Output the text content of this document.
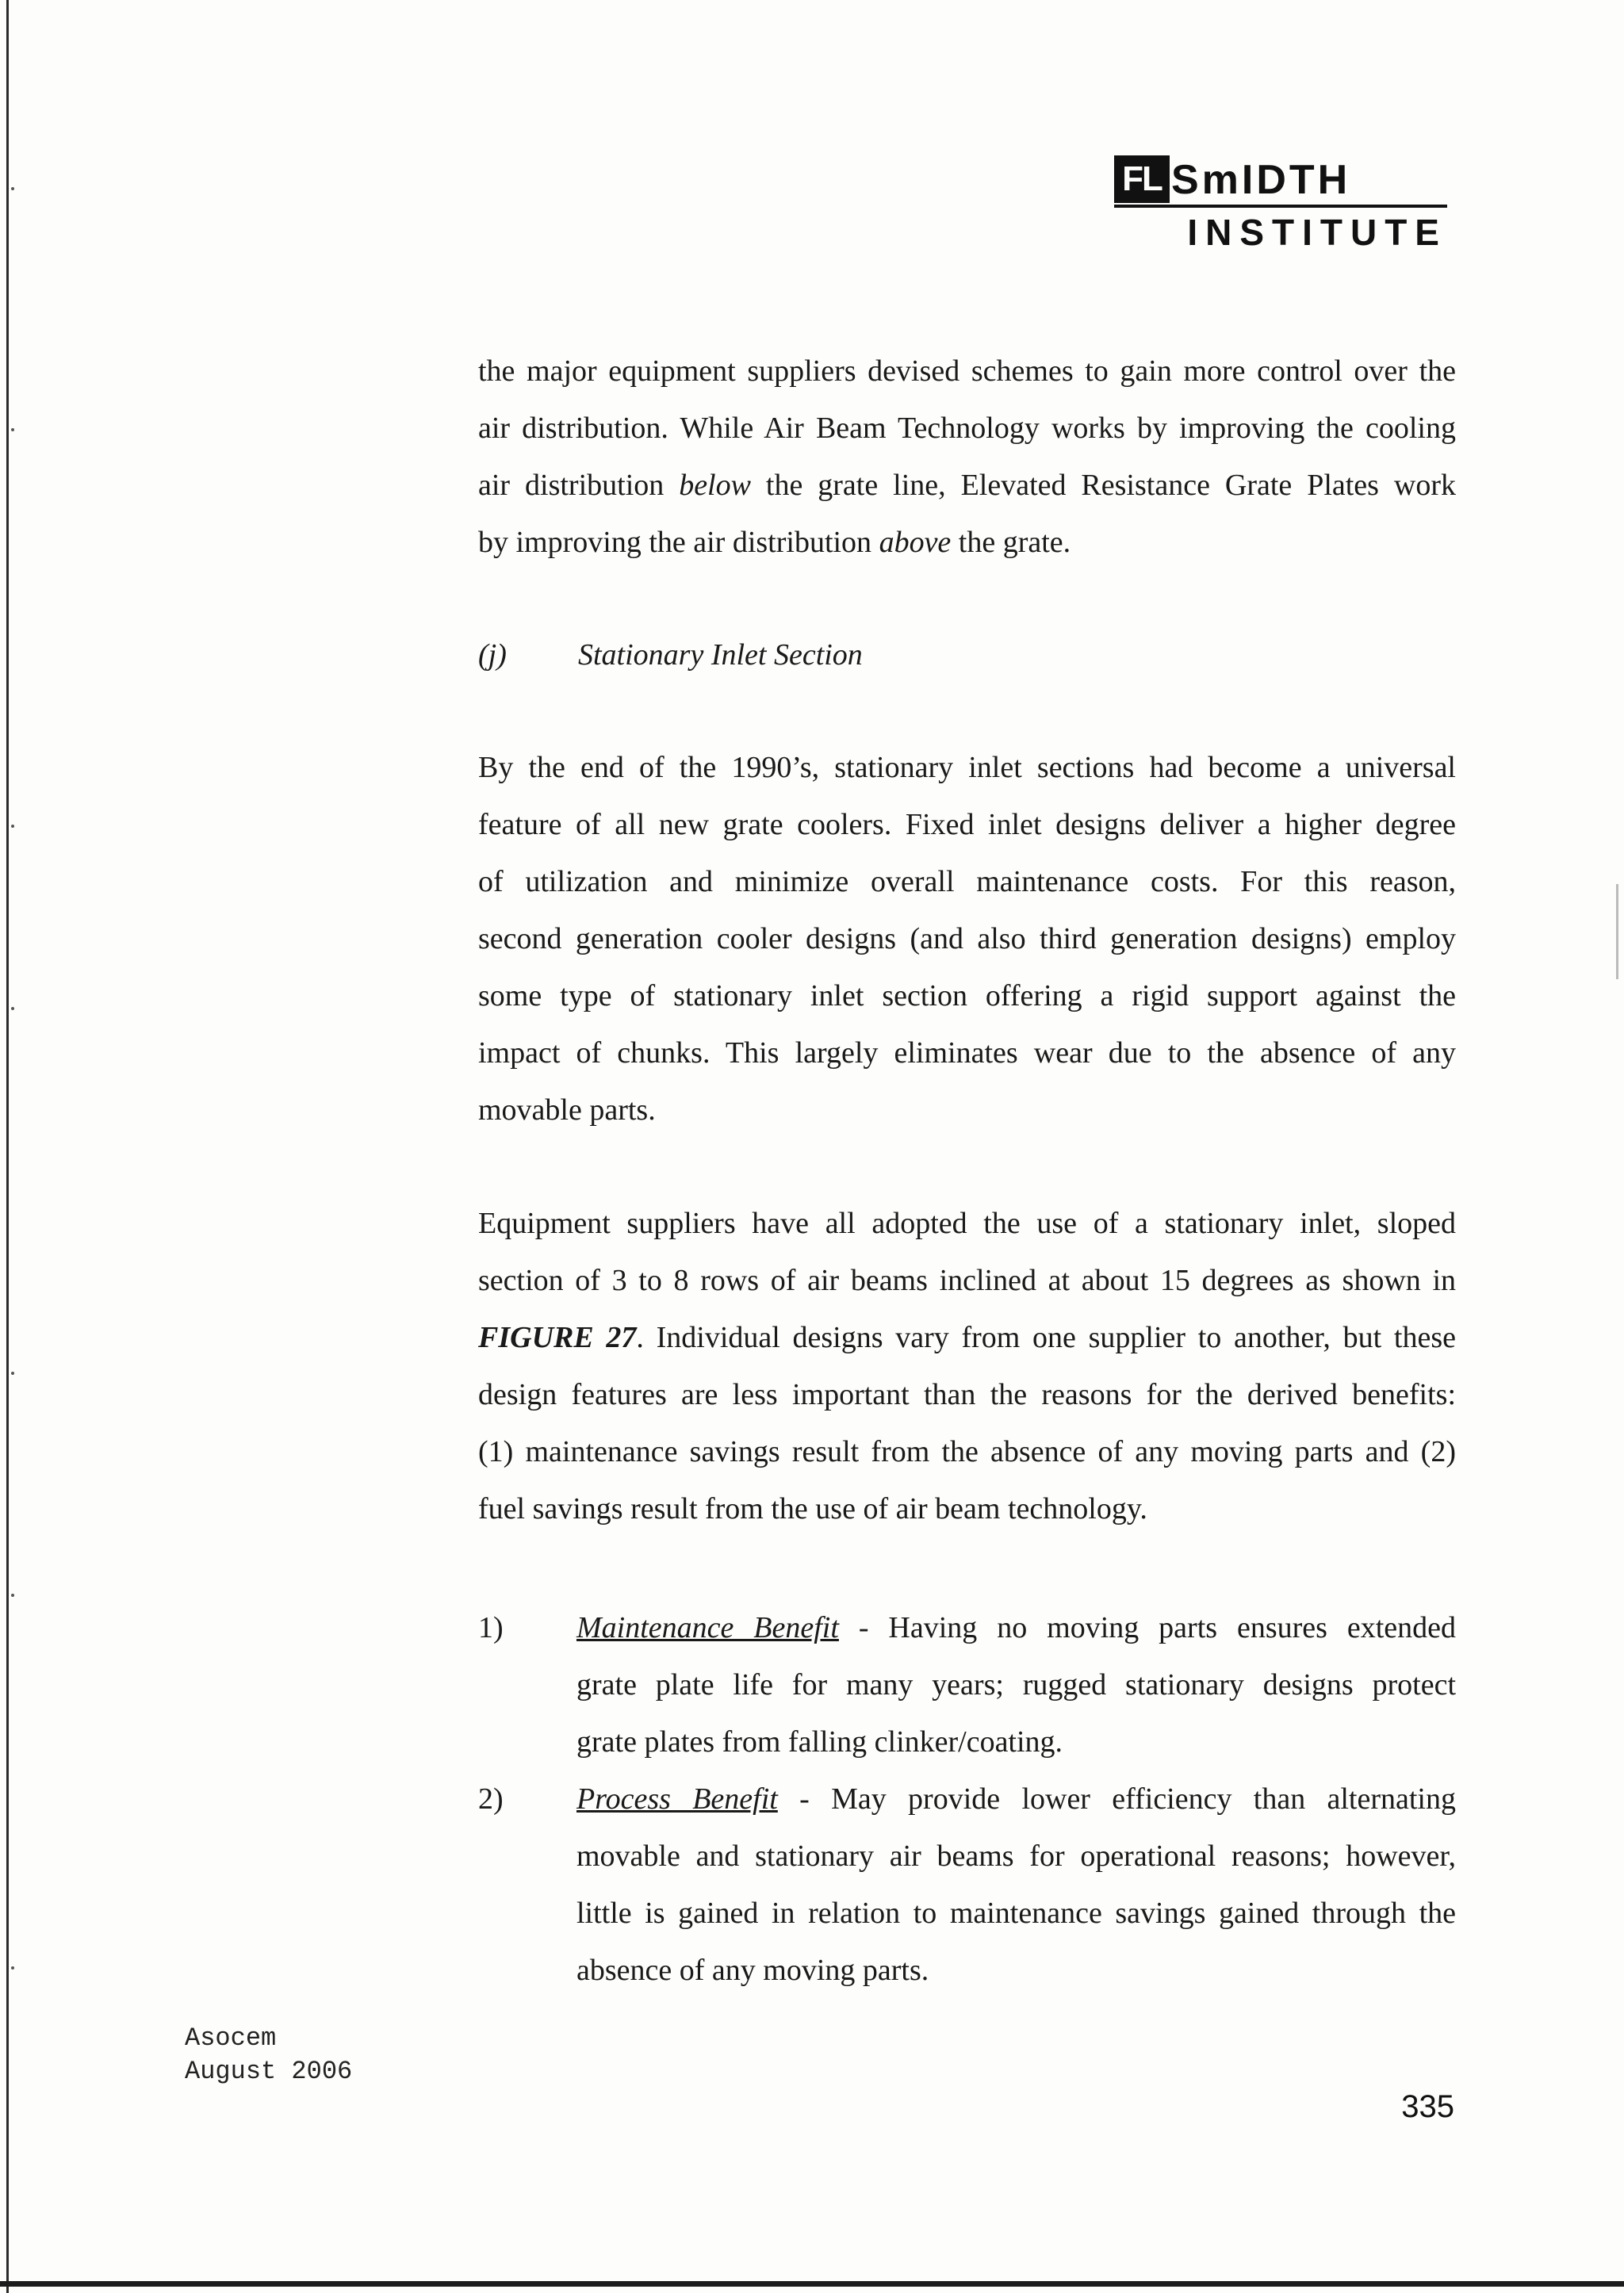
FL SmIDTH
INSTITUTE
the major equipment suppliers devised schemes to gain more control over the
air distribution. While Air Beam Technology works by improving the cooling
air distribution below the grate line, Elevated Resistance Grate Plates work
by improving the air distribution above the grate.
(j)	Stationary Inlet Section
By the end of the 1990’s, stationary inlet sections had become a universal
feature of all new grate coolers. Fixed inlet designs deliver a higher degree
of utilization and minimize overall maintenance costs. For this reason,
second generation cooler designs (and also third generation designs) employ
some type of stationary inlet section offering a rigid support against the
impact of chunks. This largely eliminates wear due to the absence of any
movable parts.
Equipment suppliers have all adopted the use of a stationary inlet, sloped
section of 3 to 8 rows of air beams inclined at about 15 degrees as shown in
FIGURE 27. Individual designs vary from one supplier to another, but these
design features are less important than the reasons for the derived benefits:
(1) maintenance savings result from the absence of any moving parts and (2)
fuel savings result from the use of air beam technology.
1)	Maintenance Benefit - Having no moving parts ensures extended
grate plate life for many years; rugged stationary designs protect
grate plates from falling clinker/coating.
2)	Process Benefit - May provide lower efficiency than alternating
movable and stationary air beams for operational reasons; however,
little is gained in relation to maintenance savings gained through the
absence of any moving parts.
Asocem
August 2006
335
